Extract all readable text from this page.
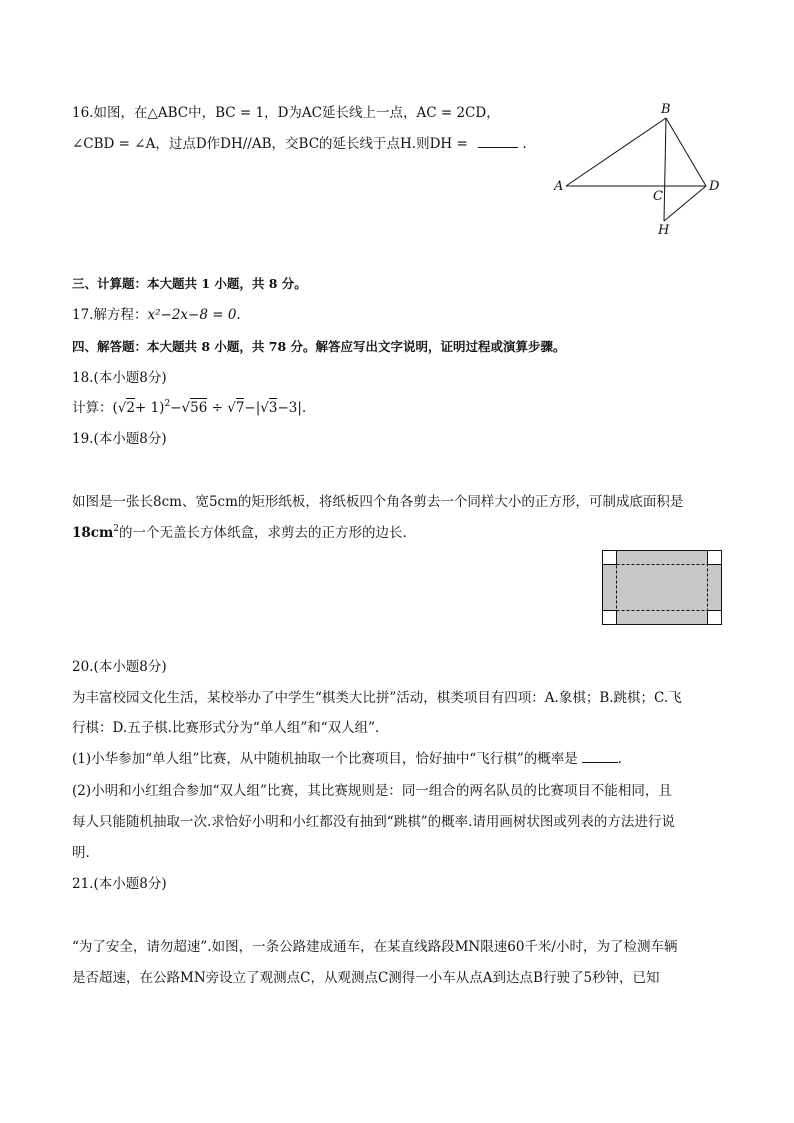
16.如图，在△ABC中，BC = 1，D为AC延长线上一点，AC = 2CD，
∠CBD = ∠A，过点D作DH//AB，交BC的延长线于点H.则DH =	.
B
A
C
D
H
三、计算题：本大题共 1 小题，共 8 分。
17.解方程：x²−2x−8 = 0.
四、解答题：本大题共 8 小题，共 78 分。解答应写出文字说明，证明过程或演算步骤。
18.(本小题8分)
计算：$(√2+ 1)^2-√56 \div √7-|√3-3|$.
19.(本小题8分)
如图是一张长8cm、宽5cm的矩形纸板，将纸板四个角各剪去一个同样大小的正方形，可制成底面积是
$18cm^2$的一个无盖长方体纸盒，求剪去的正方形的边长．
20.(本小题8分)
为丰富校园文化生活，某校举办了中学生“棋类大比拼”活动，棋类项目有四项：A.象棋；B.跳棋；C.飞
行棋：D.五子棋.比赛形式分为“单人组”和“双人组”．
(1)小华参加“单人组”比赛，从中随机抽取一个比赛项目，恰好抽中“飞行棋”的概率是	．
(2)小明和小红组合参加“双人组”比赛，其比赛规则是：同一组合的两名队员的比赛项目不能相同，且
每人只能随机抽取一次.求恰好小明和小红都没有抽到“跳棋”的概率.请用画树状图或列表的方法进行说
明.
21.(本小题8分)
“为了安全，请勿超速”.如图，一条公路建成通车，在某直线路段MN限速60千米/小时，为了检测车辆
是否超速，在公路MN旁设立了观测点C，从观测点C测得一小车从点A到达点B行驶了5秒钟，已知
